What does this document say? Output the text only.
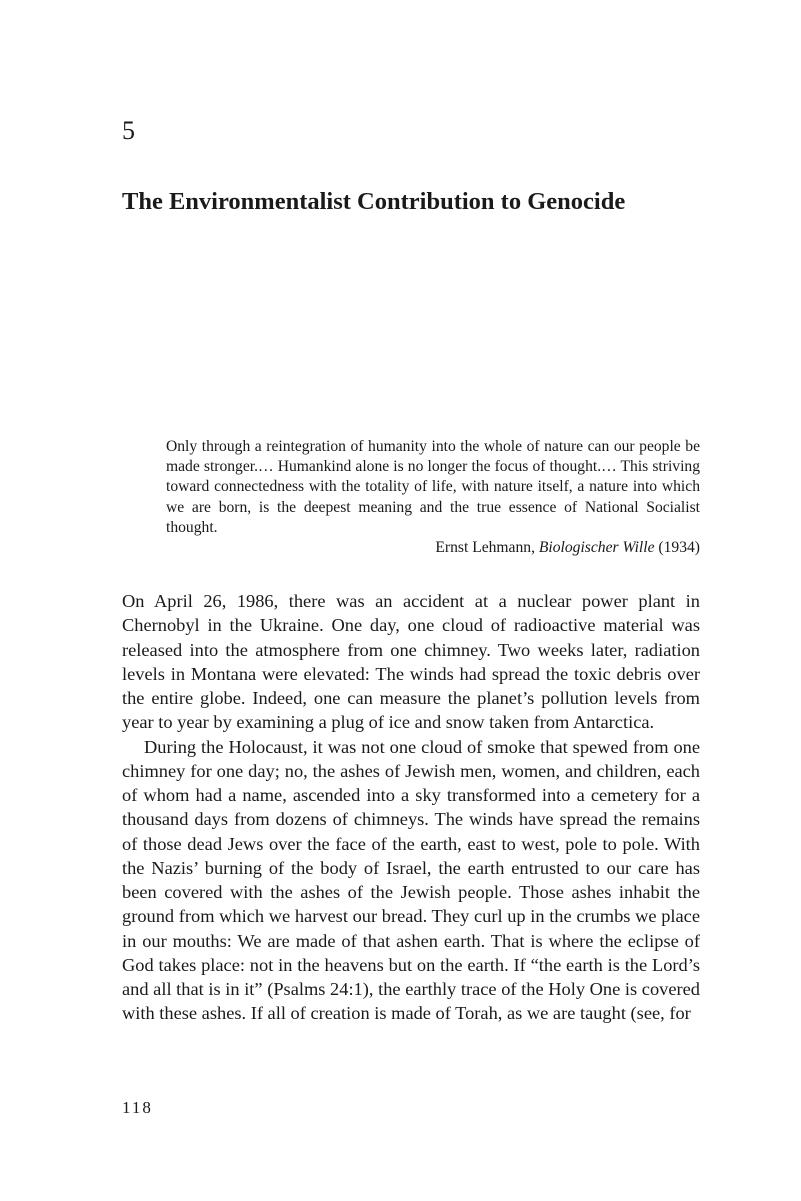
5
The Environmentalist Contribution to Genocide

Only through a reintegration of humanity into the whole of nature can our people be made stronger.… Humankind alone is no longer the focus of thought.… This striving toward connectedness with the totality of life, with nature itself, a nature into which we are born, is the deepest meaning and the true essence of National Socialist thought.

Ernst Lehmann, Biologischer Wille (1934)

On April 26, 1986, there was an accident at a nuclear power plant in Chernobyl in the Ukraine. One day, one cloud of radioactive material was released into the atmosphere from one chimney. Two weeks later, radiation levels in Montana were elevated: The winds had spread the toxic debris over the entire globe. Indeed, one can measure the planet’s pollution levels from year to year by examining a plug of ice and snow taken from Antarctica.

During the Holocaust, it was not one cloud of smoke that spewed from one chimney for one day; no, the ashes of Jewish men, women, and children, each of whom had a name, ascended into a sky transformed into a cemetery for a thousand days from dozens of chimneys. The winds have spread the remains of those dead Jews over the face of the earth, east to west, pole to pole. With the Nazis’ burning of the body of Israel, the earth entrusted to our care has been covered with the ashes of the Jewish people. Those ashes inhabit the ground from which we harvest our bread. They curl up in the crumbs we place in our mouths: We are made of that ashen earth. That is where the eclipse of God takes place: not in the heavens but on the earth. If “the earth is the Lord’s and all that is in it” (Psalms 24:1), the earthly trace of the Holy One is covered with these ashes. If all of creation is made of Torah, as we are taught (see, for

118
